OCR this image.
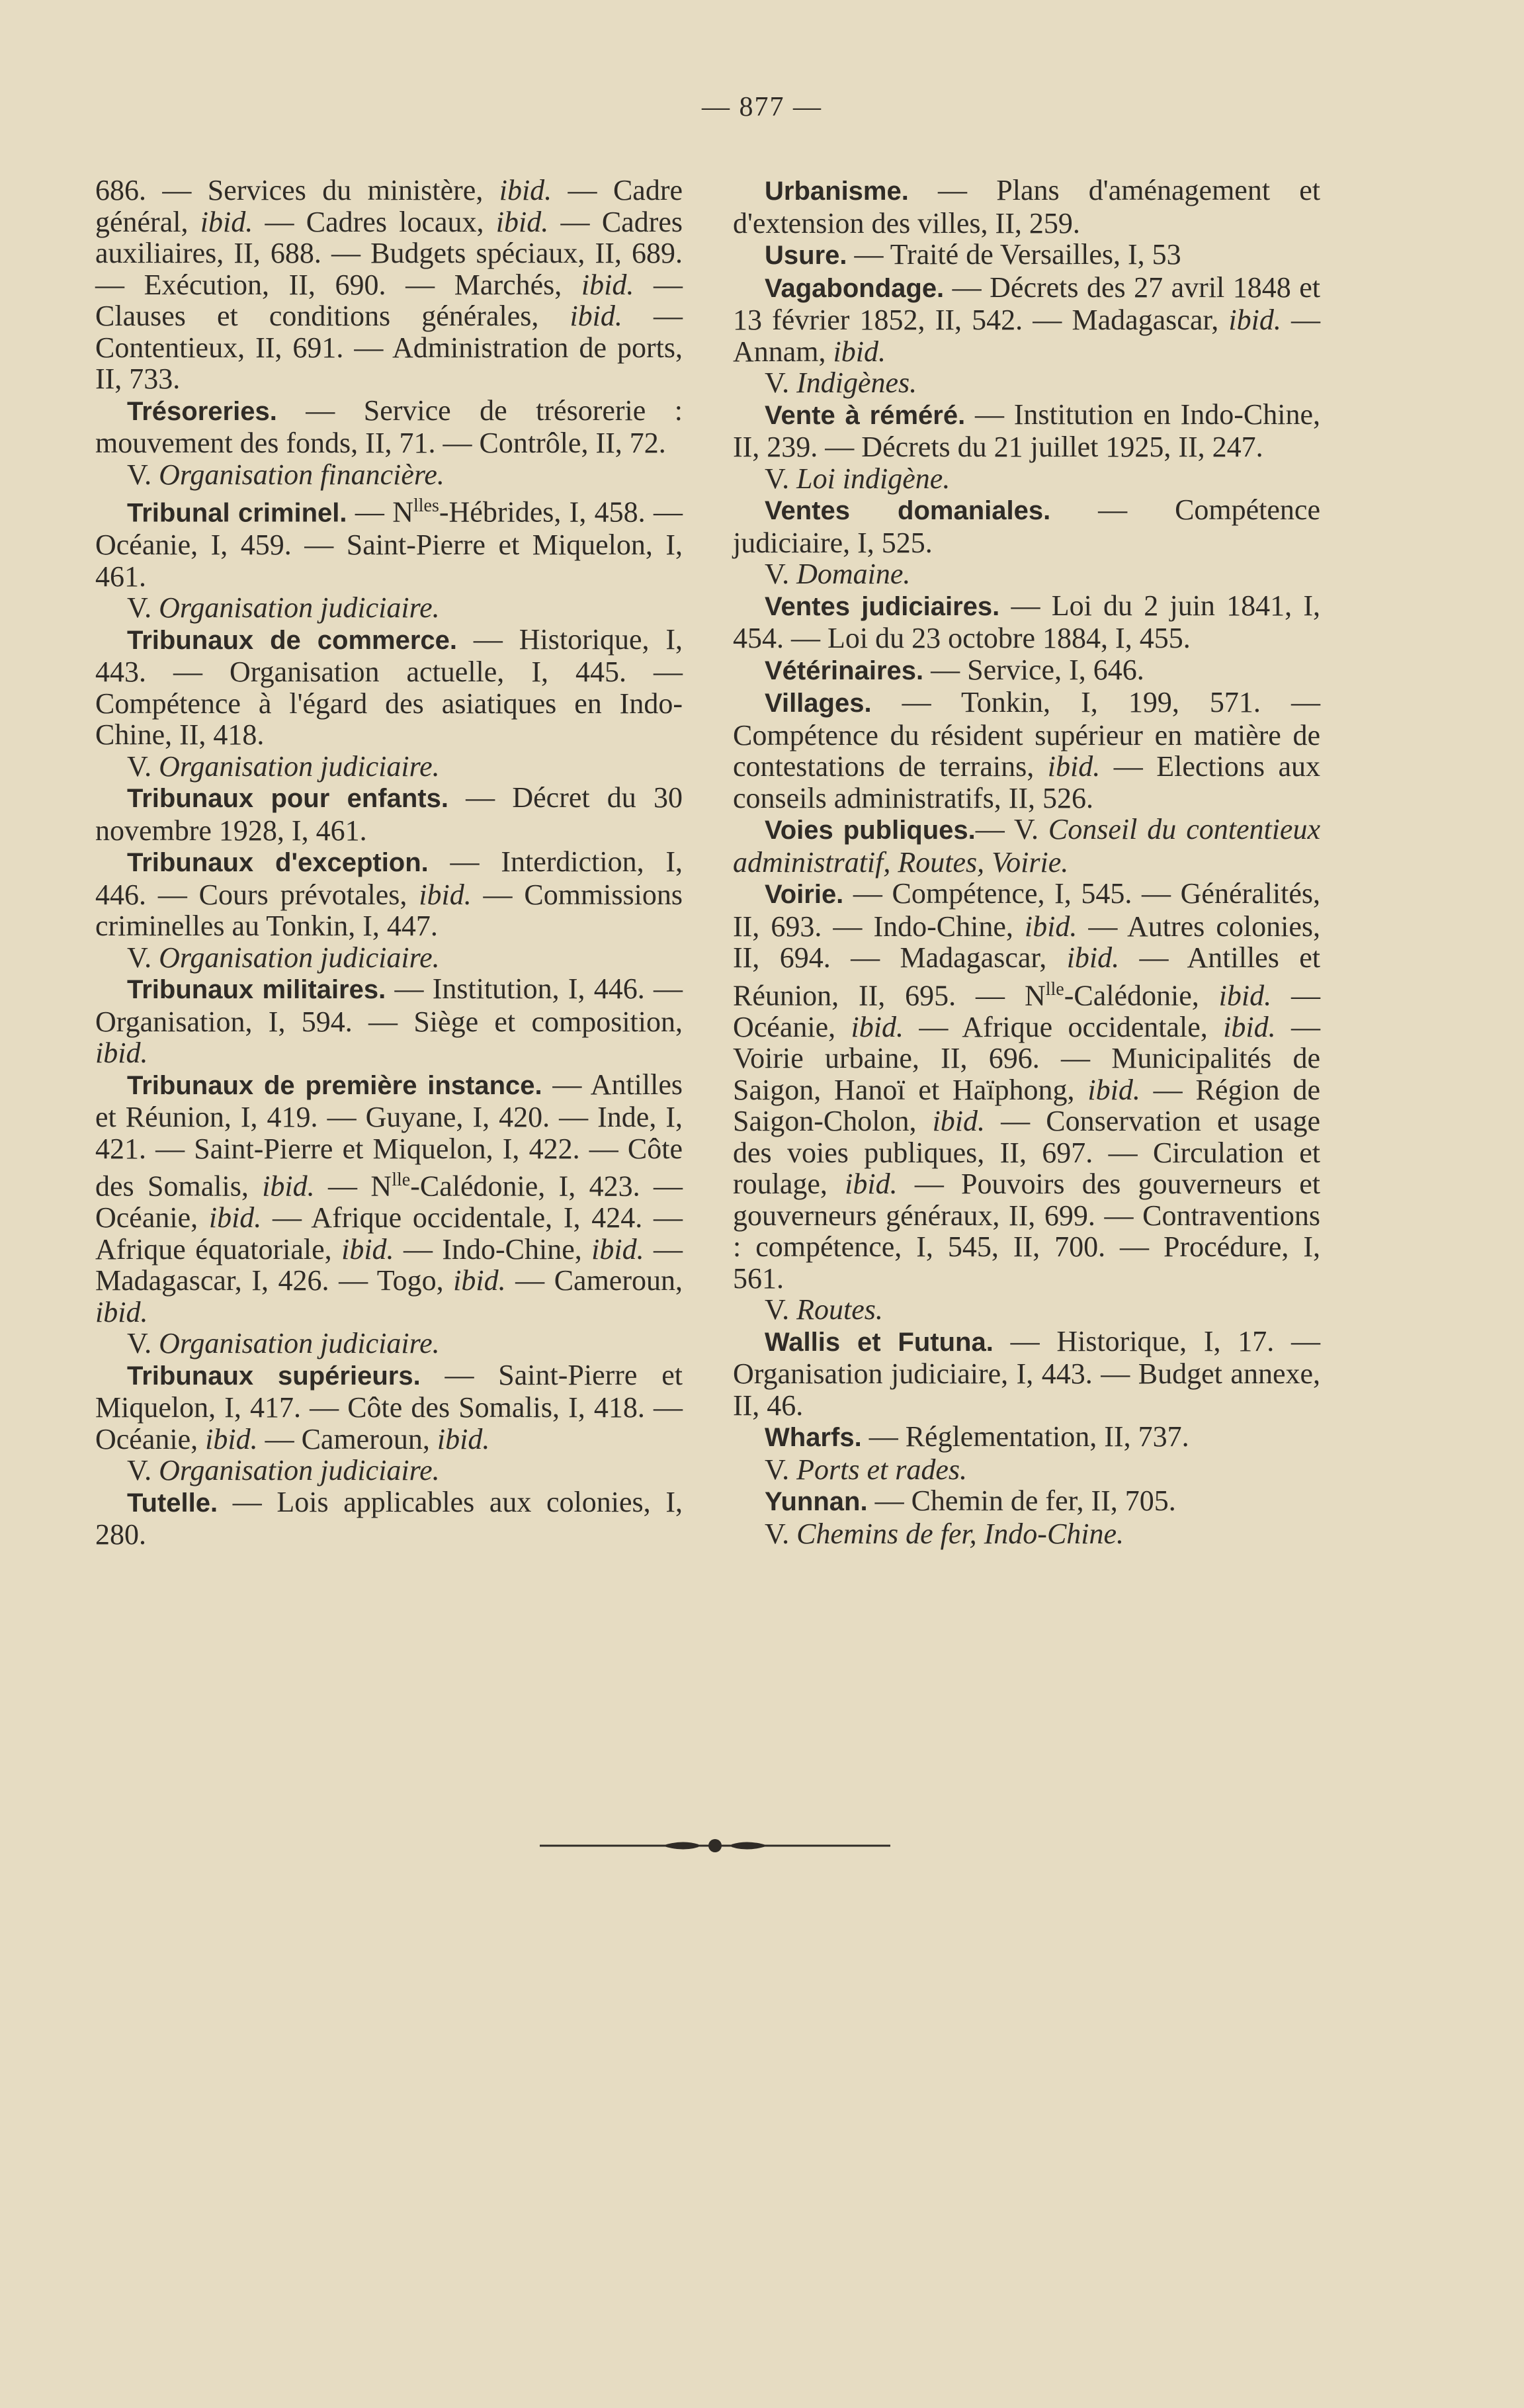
— 877 —

686. — Services du ministère, ibid. — Cadre général, ibid. — Cadres locaux, ibid. — Cadres auxiliaires, II, 688. — Budgets spéciaux, II, 689. — Exécution, II, 690. — Marchés, ibid. — Clauses et conditions générales, ibid. — Contentieux, II, 691. — Administration de ports, II, 733.

Trésoreries. — Service de trésorerie : mouvement des fonds, II, 71. — Contrôle, II, 72.

V. Organisation financière.

Tribunal criminel. — $N^{lles}$-Hébrides, I, 458. — Océanie, I, 459. — Saint-Pierre et Miquelon, I, 461.

V. Organisation judiciaire.

Tribunaux de commerce. — Historique, I, 443. — Organisation actuelle, I, 445. — Compétence à l'égard des asiatiques en Indo-Chine, II, 418.

V. Organisation judiciaire.

Tribunaux pour enfants. — Décret du 30 novembre 1928, I, 461.

Tribunaux d'exception. — Interdiction, I, 446. — Cours prévotales, ibid. — Commissions criminelles au Tonkin, I, 447.

V. Organisation judiciaire.

Tribunaux militaires. — Institution, I, 446. — Organisation, I, 594. — Siège et composition, ibid.

Tribunaux de première instance. — Antilles et Réunion, I, 419. — Guyane, I, 420. — Inde, I, 421. — Saint-Pierre et Miquelon, I, 422. — Côte des Somalis, ibid. — $N^{lle}$-Calédonie, I, 423. — Océanie, ibid. — Afrique occidentale, I, 424. — Afrique équatoriale, ibid. — Indo-Chine, ibid. — Madagascar, I, 426. — Togo, ibid. — Cameroun, ibid.

V. Organisation judiciaire.

Tribunaux supérieurs. — Saint-Pierre et Miquelon, I, 417. — Côte des Somalis, I, 418. — Océanie, ibid. — Cameroun, ibid.

V. Organisation judiciaire.

Tutelle. — Lois applicables aux colonies, I, 280.

Urbanisme. — Plans d'aménagement et d'extension des villes, II, 259.

Usure. — Traité de Versailles, I, 53

Vagabondage. — Décrets des 27 avril 1848 et 13 février 1852, II, 542. — Madagascar, ibid. — Annam, ibid.

V. Indigènes.

Vente à réméré. — Institution en Indo-Chine, II, 239. — Décrets du 21 juillet 1925, II, 247.

V. Loi indigène.

Ventes domaniales. — Compétence judiciaire, I, 525.

V. Domaine.

Ventes judiciaires. — Loi du 2 juin 1841, I, 454. — Loi du 23 octobre 1884, I, 455.

Vétérinaires. — Service, I, 646.

Villages. — Tonkin, I, 199, 571. — Compétence du résident supérieur en matière de contestations de terrains, ibid. — Elections aux conseils administratifs, II, 526.

Voies publiques.— V. Conseil du contentieux administratif, Routes, Voirie.

Voirie. — Compétence, I, 545. — Généralités, II, 693. — Indo-Chine, ibid. — Autres colonies, II, 694. — Madagascar, ibid. — Antilles et Réunion, II, 695. — $N^{lle}$-Calédonie, ibid. — Océanie, ibid. — Afrique occidentale, ibid. — Voirie urbaine, II, 696. — Municipalités de Saigon, Hanoï et Haïphong, ibid. — Région de Saigon-Cholon, ibid. — Conservation et usage des voies publiques, II, 697. — Circulation et roulage, ibid. — Pouvoirs des gouverneurs et gouverneurs généraux, II, 699. — Contraventions : compétence, I, 545, II, 700. — Procédure, I, 561.

V. Routes.

Wallis et Futuna. — Historique, I, 17. — Organisation judiciaire, I, 443. — Budget annexe, II, 46.

Wharfs. — Réglementation, II, 737.

V. Ports et rades.

Yunnan. — Chemin de fer, II, 705.

V. Chemins de fer, Indo-Chine.
